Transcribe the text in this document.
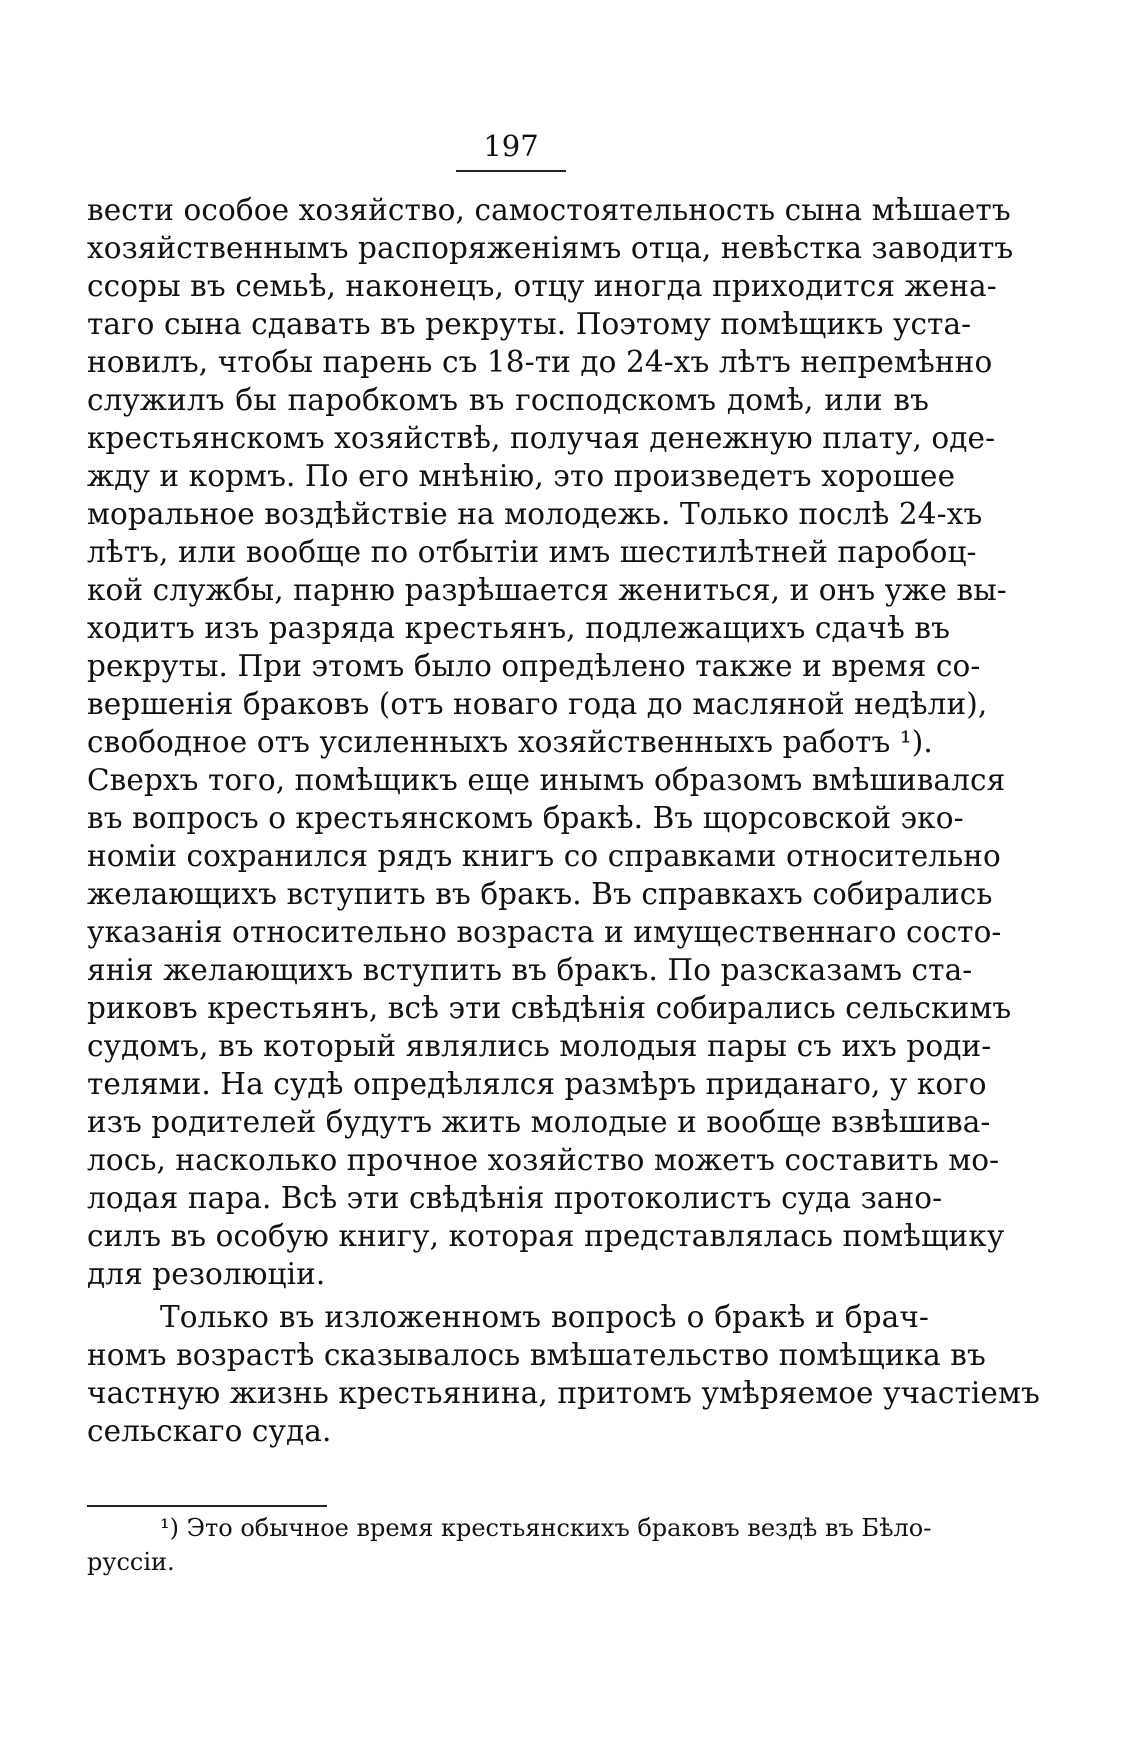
197
вести особое хозяйство, самостоятельность сына мѣшаетъ
хозяйственнымъ распоряженіямъ отца, невѣстка заводитъ
ссоры въ семьѣ, наконецъ, отцу иногда приходится жена-
таго сына сдавать въ рекруты. Поэтому помѣщикъ уста-
новилъ, чтобы парень съ 18-ти до 24-хъ лѣтъ непремѣнно
служилъ бы паробкомъ въ господскомъ домѣ, или въ
крестьянскомъ хозяйствѣ, получая денежную плату, оде-
жду и кормъ. По его мнѣнію, это произведетъ хорошее
моральное воздѣйствіе на молодежь. Только послѣ 24-хъ
лѣтъ, или вообще по отбытіи имъ шестилѣтней паробоц-
кой службы, парню разрѣшается жениться, и онъ уже вы-
ходитъ изъ разряда крестьянъ, подлежащихъ сдачѣ въ
рекруты. При этомъ было опредѣлено также и время со-
вершенія браковъ (отъ новаго года до масляной недѣли),
свободное отъ усиленныхъ хозяйственныхъ работъ ¹).
Сверхъ того, помѣщикъ еще инымъ образомъ вмѣшивался
въ вопросъ о крестьянскомъ бракѣ. Въ щорсовской эко-
номіи сохранился рядъ книгъ со справками относительно
желающихъ вступить въ бракъ. Въ справкахъ собирались
указанія относительно возраста и имущественнаго состо-
янія желающихъ вступить въ бракъ. По разсказамъ ста-
риковъ крестьянъ, всѣ эти свѣдѣнія собирались сельскимъ
судомъ, въ который являлись молодыя пары съ ихъ роди-
телями. На судѣ опредѣлялся размѣръ приданаго, у кого
изъ родителей будутъ жить молодые и вообще взвѣшива-
лось, насколько прочное хозяйство можетъ составить мо-
лодая пара. Всѣ эти свѣдѣнія протоколистъ суда зано-
силъ въ особую книгу, которая представлялась помѣщику
для резолюціи.
Только въ изложенномъ вопросѣ о бракѣ и брач-
номъ возрастѣ сказывалось вмѣшательство помѣщика въ
частную жизнь крестьянина, притомъ умѣряемое участіемъ
сельскаго суда.
¹) Это обычное время крестьянскихъ браковъ вездѣ въ Бѣло-
руссіи.
